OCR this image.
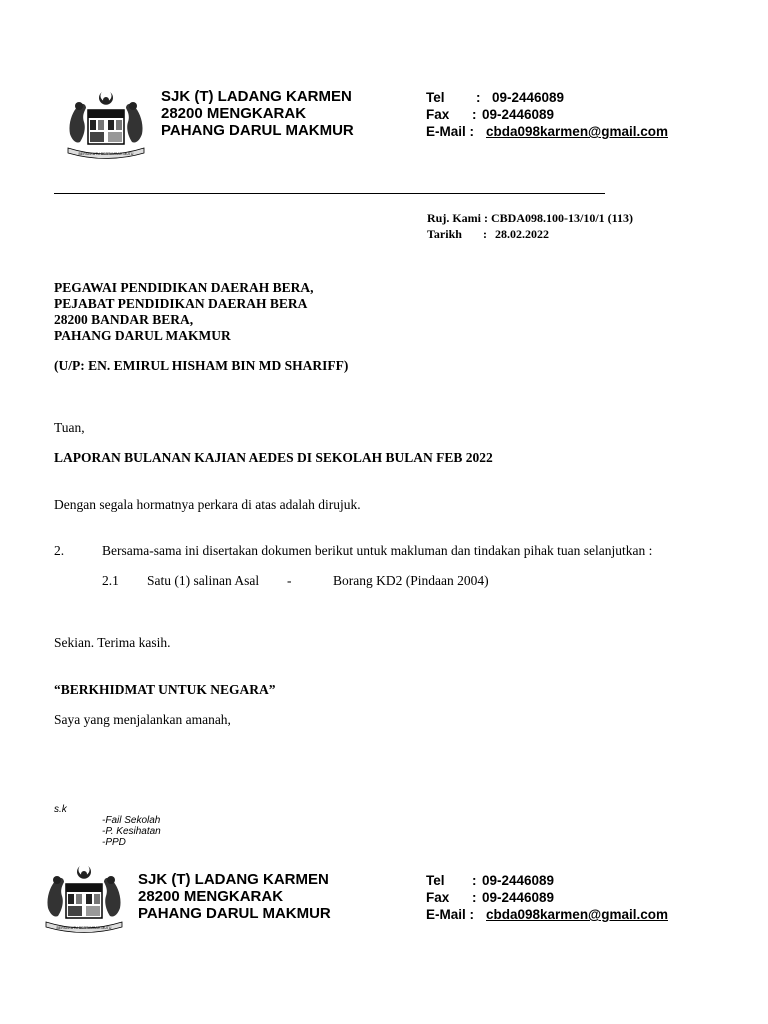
BERSEKUTU BERTAMBAH MUTU
SJK (T) LADANG KARMEN
28200 MENGKARAK
PAHANG DARUL MAKMUR
Tel : 09-2446089
Fax : 09-2446089
E-Mail : cbda098karmen@gmail.com
Ruj. Kami : CBDA098.100-13/10/1 (113)
Tarikh : 28.02.2022
PEGAWAI PENDIDIKAN DAERAH BERA,
PEJABAT PENDIDIKAN DAERAH BERA
28200 BANDAR BERA,
PAHANG DARUL MAKMUR
(U/P: EN. EMIRUL HISHAM BIN MD SHARIFF)
Tuan,
LAPORAN BULANAN KAJIAN AEDES DI SEKOLAH BULAN FEB 2022
Dengan segala hormatnya perkara di atas adalah dirujuk.
2.	Bersama-sama ini disertakan dokumen berikut untuk makluman dan tindakan pihak tuan selanjutkan :
2.1 Satu (1) salinan Asal -	Borang KD2 (Pindaan 2004)
Sekian. Terima kasih.
“BERKHIDMAT UNTUK NEGARA”
Saya yang menjalankan amanah,
s.k
-Fail Sekolah
-P. Kesihatan
-PPD
BERSEKUTU BERTAMBAH MUTU
SJK (T) LADANG KARMEN
28200 MENGKARAK
PAHANG DARUL MAKMUR
Tel : 09-2446089
Fax : 09-2446089
E-Mail : cbda098karmen@gmail.com
